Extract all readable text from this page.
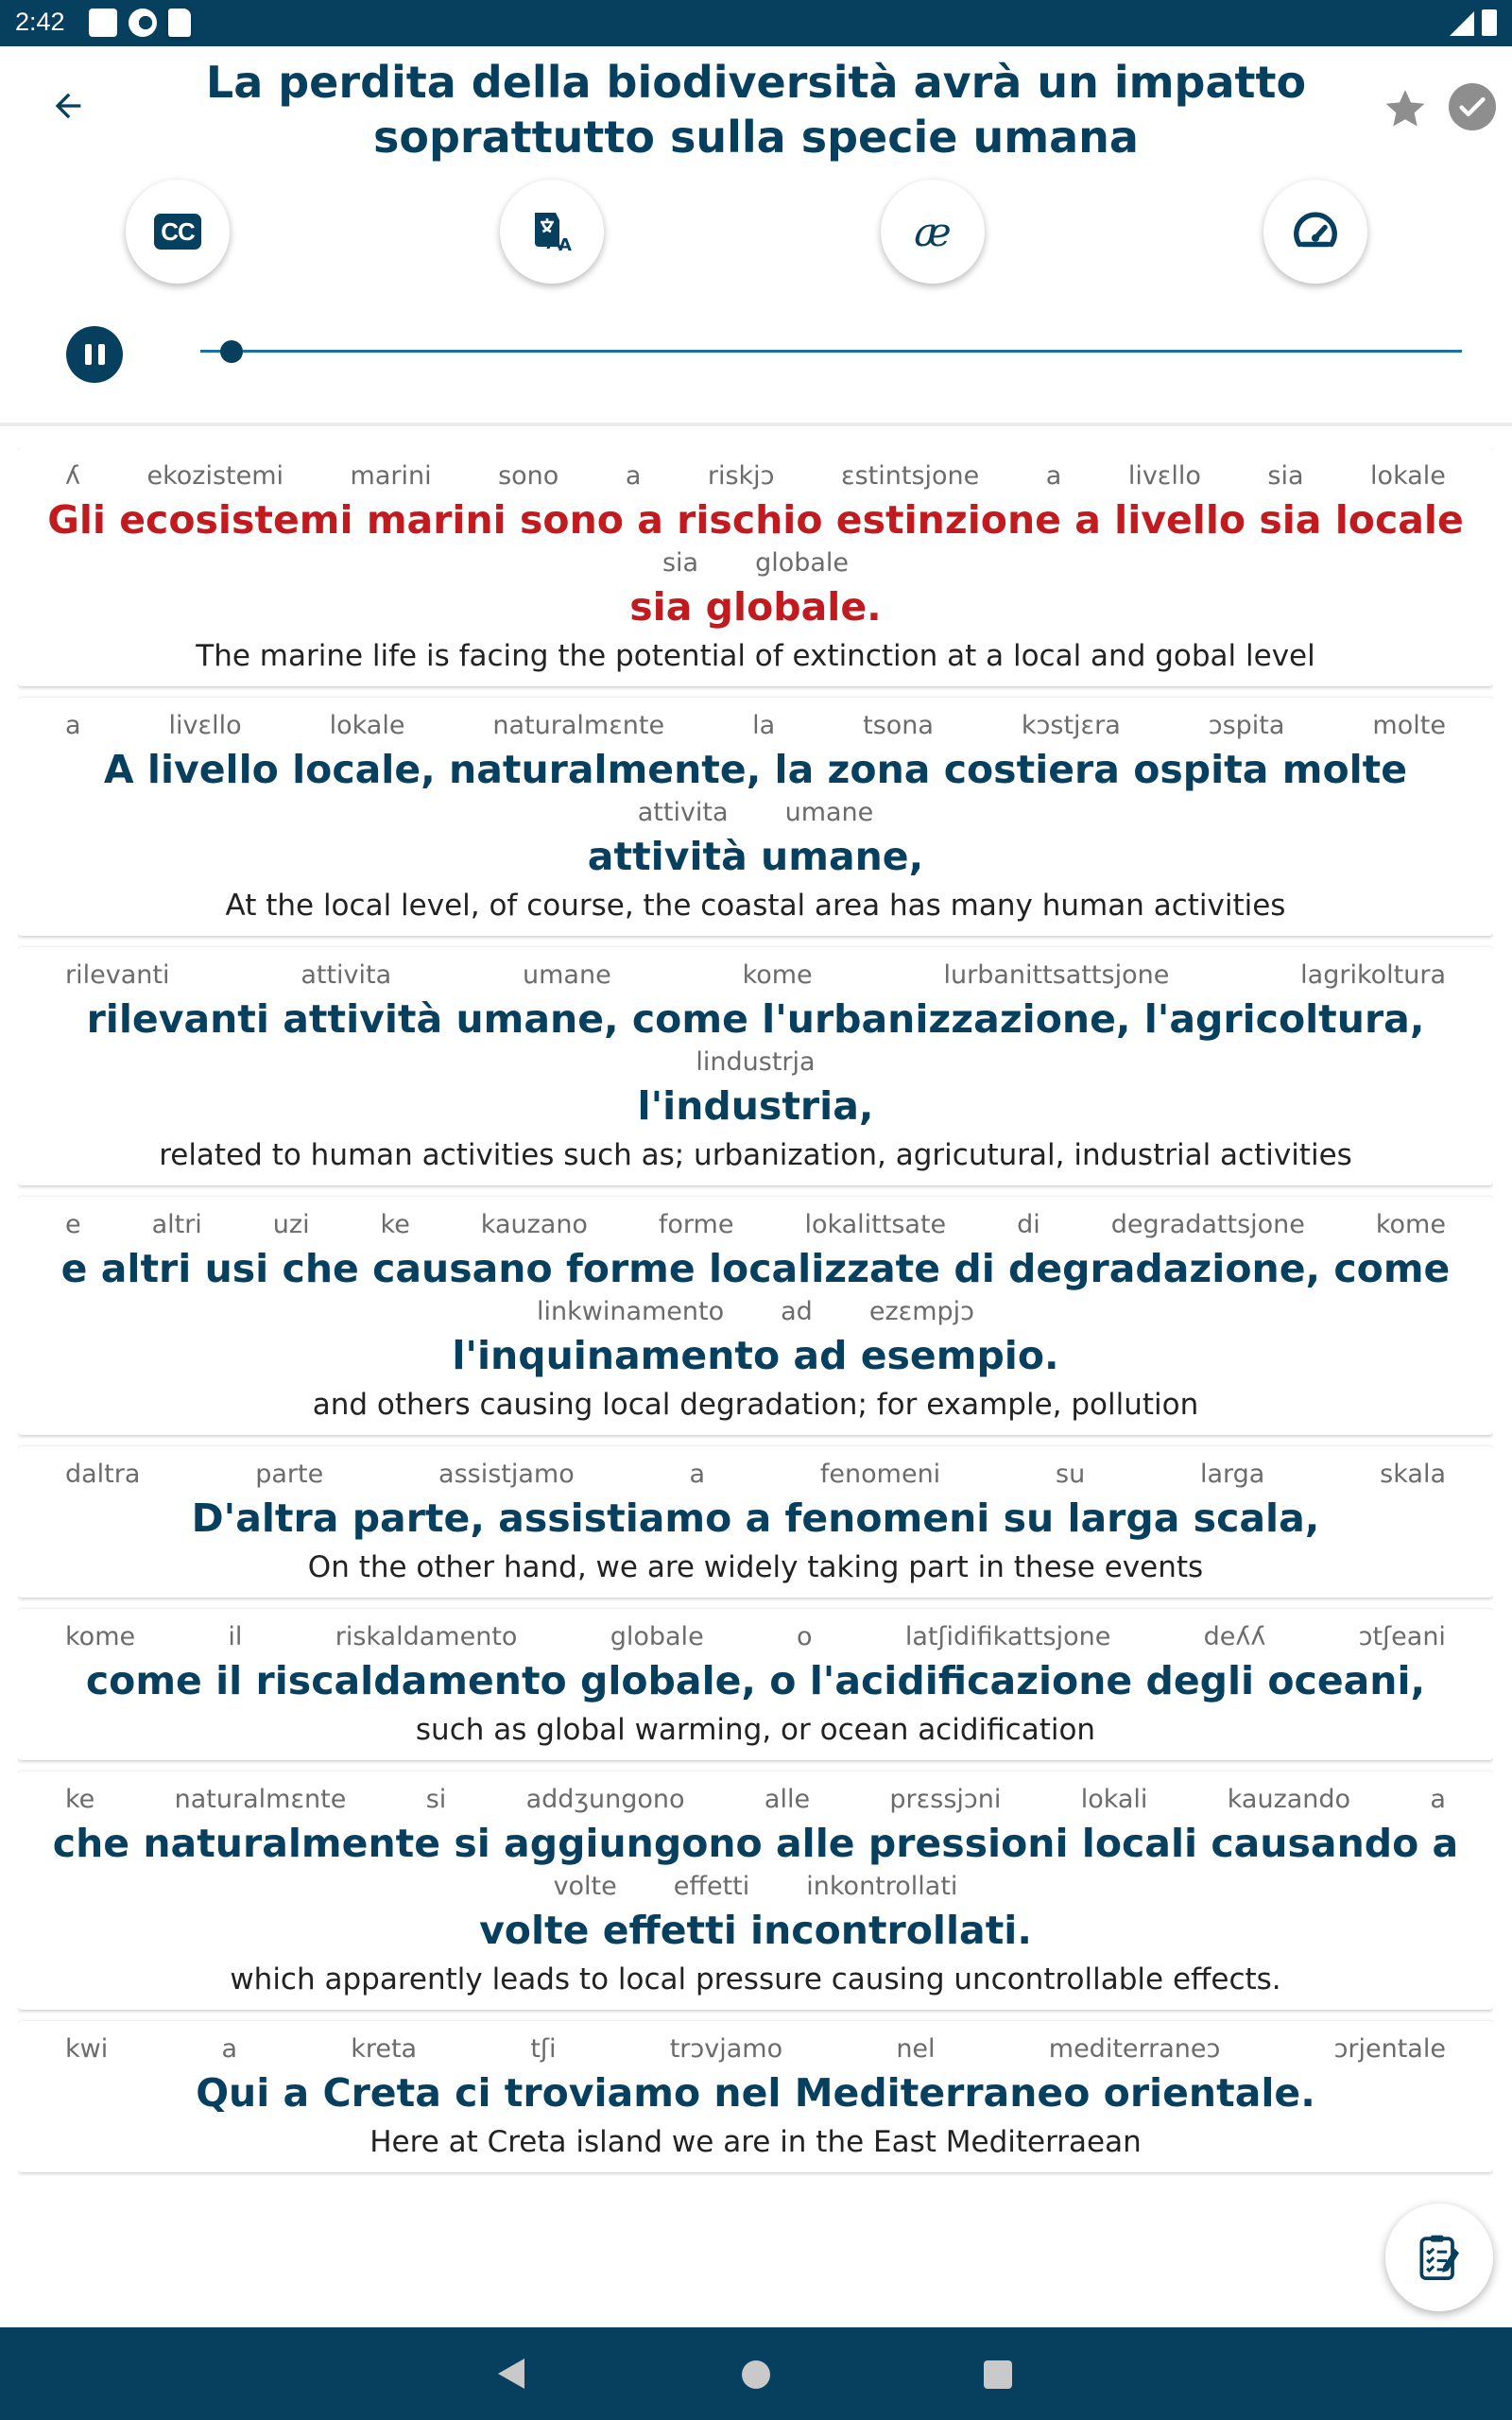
2:42
La perdita della biodiversità avrà un impatto
soprattutto sulla specie umana
CC	A	æ
ʎ	ekozistemi	marini	sono	a	riskjɔ	ɛstintsjone	a	livɛllo	sia	lokale
Gli ecosistemi marini sono a rischio estinzione a livello sia locale
sia globale
sia globale.
The marine life is facing the potential of extinction at a local and gobal level
a	livɛllo	lokale	naturalmɛnte	la	tsona	kɔstjɛra	ɔspita	molte
A livello locale, naturalmente, la zona costiera ospita molte
attivita umane
attività umane,
At the local level, of course, the coastal area has many human activities
rilevanti	attivita	umane	kome	lurbanittsattsjone	lagrikoltura
rilevanti attività umane, come l'urbanizzazione, l'agricoltura,
lindustrja
l'industria,
related to human activities such as; urbanization, agricutural, industrial activities
e	altri	uzi	ke	kauzano	forme	lokalittsate	di	degradattsjone	kome
e altri usi che causano forme localizzate di degradazione, come
linkwinamento ad ezɛmpjɔ
l'inquinamento ad esempio.
and others causing local degradation; for example, pollution
daltra	parte	assistjamo	a	fenomeni	su	larga	skala
D'altra parte, assistiamo a fenomeni su larga scala,
On the other hand, we are widely taking part in these events
kome	il	riskaldamento	globale	o	latʃidifikattsjone	deʎʎ	ɔtʃeani
come il riscaldamento globale, o l'acidificazione degli oceani,
such as global warming, or ocean acidification
ke	naturalmɛnte	si	addʒungono	alle	prɛssjɔni	lokali	kauzando	a
che naturalmente si aggiungono alle pressioni locali causando a
volte effetti inkontrollati
volte effetti incontrollati.
which apparently leads to local pressure causing uncontrollable effects.
kwi	a	kreta	tʃi	trɔvjamo	nel	mediterraneɔ	ɔrjentale
Qui a Creta ci troviamo nel Mediterraneo orientale.
Here at Creta island we are in the East Mediterraean
